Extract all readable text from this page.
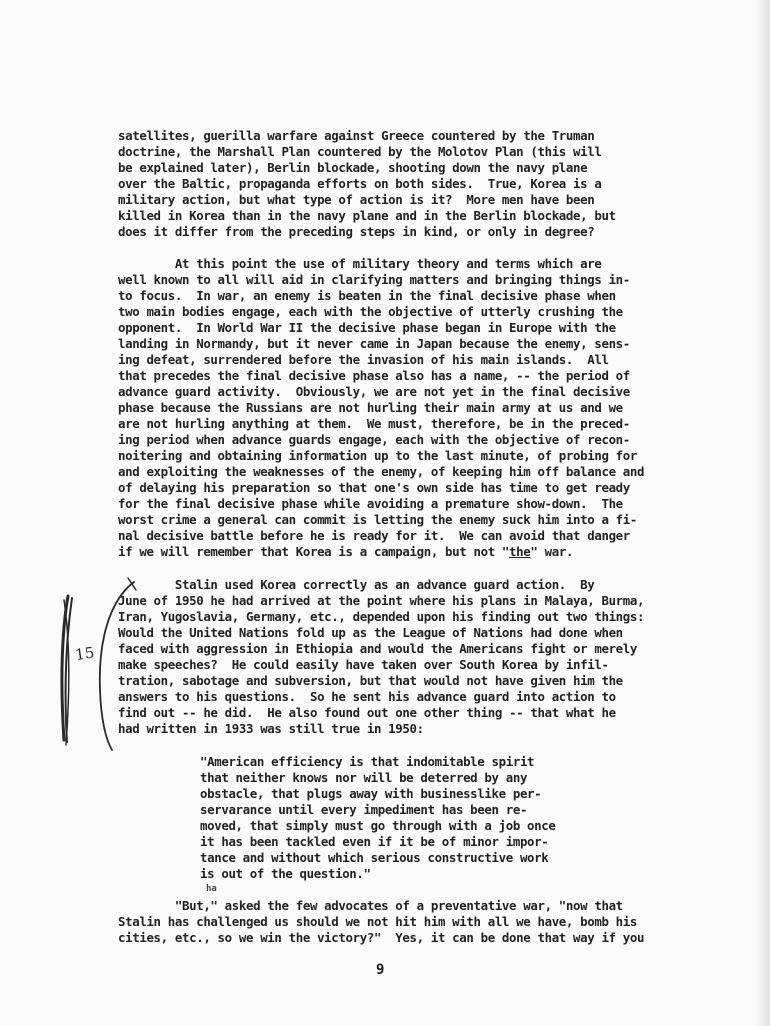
satellites, guerilla warfare against Greece countered by the Truman
doctrine, the Marshall Plan countered by the Molotov Plan (this will
be explained later), Berlin blockade, shooting down the navy plane
over the Baltic, propaganda efforts on both sides.  True, Korea is a
military action, but what type of action is it?  More men have been
killed in Korea than in the navy plane and in the Berlin blockade, but
does it differ from the preceding steps in kind, or only in degree?
At this point the use of military theory and terms which are
well known to all will aid in clarifying matters and bringing things in-
to focus.  In war, an enemy is beaten in the final decisive phase when
two main bodies engage, each with the objective of utterly crushing the
opponent.  In World War II the decisive phase began in Europe with the
landing in Normandy, but it never came in Japan because the enemy, sens-
ing defeat, surrendered before the invasion of his main islands.  All
that precedes the final decisive phase also has a name, -- the period of
advance guard activity.  Obviously, we are not yet in the final decisive
phase because the Russians are not hurling their main army at us and we
are not hurling anything at them.  We must, therefore, be in the preced-
ing period when advance guards engage, each with the objective of recon-
noitering and obtaining information up to the last minute, of probing for
and exploiting the weaknesses of the enemy, of keeping him off balance and
of delaying his preparation so that one's own side has time to get ready
for the final decisive phase while avoiding a premature show-down.  The
worst crime a general can commit is letting the enemy suck him into a fi-
nal decisive battle before he is ready for it.  We can avoid that danger
if we will remember that Korea is a campaign, but not "the" war.
Stalin used Korea correctly as an advance guard action.  By
June of 1950 he had arrived at the point where his plans in Malaya, Burma,
Iran, Yugoslavia, Germany, etc., depended upon his finding out two things:
Would the United Nations fold up as the League of Nations had done when
faced with aggression in Ethiopia and would the Americans fight or merely
make speeches?  He could easily have taken over South Korea by infil-
tration, sabotage and subversion, but that would not have given him the
answers to his questions.  So he sent his advance guard into action to
find out -- he did.  He also found out one other thing -- that what he
had written in 1933 was still true in 1950:
"American efficiency is that indomitable spirit
that neither knows nor will be deterred by any
obstacle, that plugs away with businesslike per-
servarance until every impediment has been re-
moved, that simply must go through with a job once
it has been tackled even if it be of minor impor-
tance and without which serious constructive work
is out of the question."
ha
"But," asked the few advocates of a preventative war, "now that
Stalin has challenged us should we not hit him with all we have, bomb his
cities, etc., so we win the victory?"  Yes, it can be done that way if you
9
15
